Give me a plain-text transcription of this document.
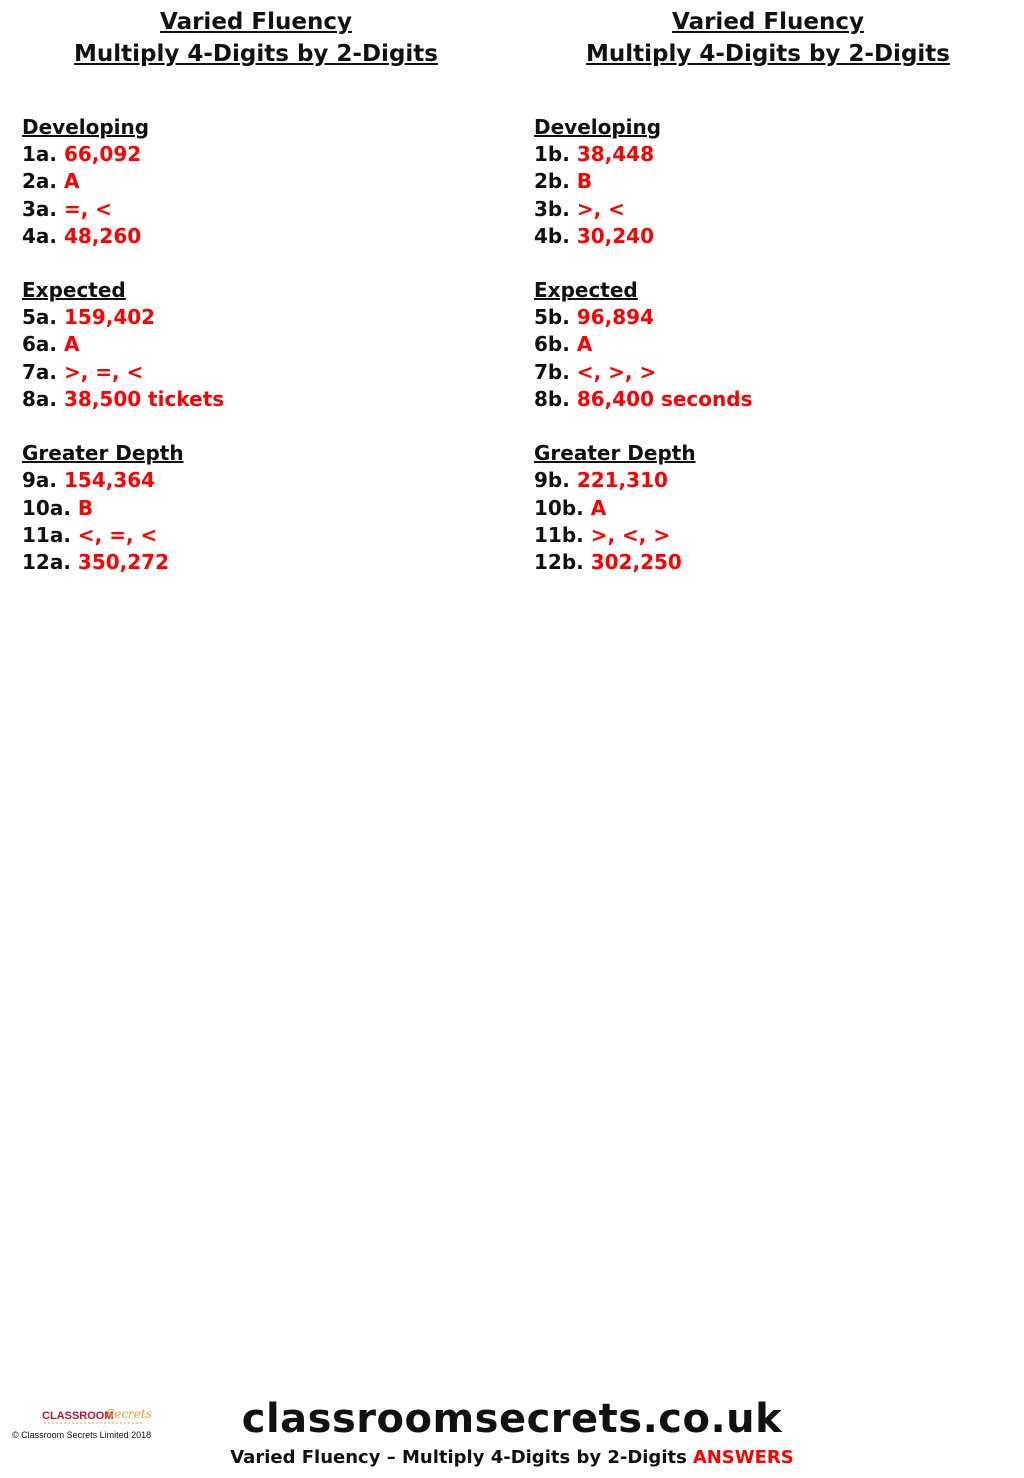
Varied Fluency
Multiply 4-Digits by 2-Digits
Developing
1a. 66,092
2a. A
3a. =, <
4a. 48,260
Expected
5a. 159,402
6a. A
7a. >, =, <
8a. 38,500 tickets
Greater Depth
9a. 154,364
10a. B
11a. <, =, <
12a. 350,272
Varied Fluency
Multiply 4-Digits by 2-Digits
Developing
1b. 38,448
2b. B
3b. >, <
4b. 30,240
Expected
5b. 96,894
6b. A
7b. <, >, >
8b. 86,400 seconds
Greater Depth
9b. 221,310
10b. A
11b. >, <, >
12b. 302,250
CLASSROOM
Secrets
© Classroom Secrets Limited 2018	classroomsecrets.co.uk
Varied Fluency – Multiply 4-Digits by 2-Digits ANSWERS
